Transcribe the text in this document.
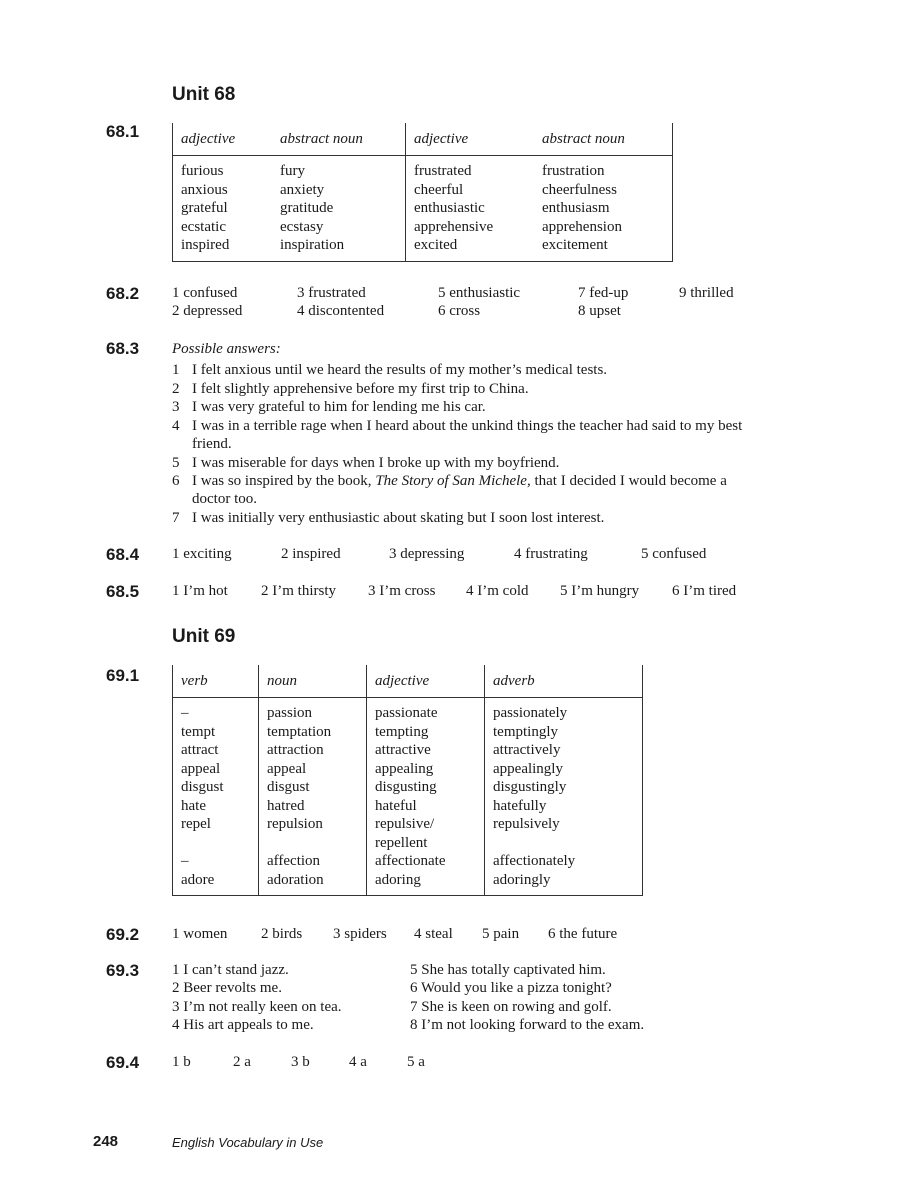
Unit 68
68.1	adjective	abstract noun	adjective	abstract noun
furious	fury	frustrated	frustration
anxious	anxiety	cheerful	cheerfulness
grateful	gratitude	enthusiastic	enthusiasm
ecstatic	ecstasy	apprehensive	apprehension
inspired	inspiration	excited	excitement
68.2 1 confused	3 frustrated	5 enthusiastic	7 fed-up	9 thrilled
2 depressed	4 discontented	6 cross	8 upset
68.3 Possible answers:
1 I felt anxious until we heard the results of my mother’s medical tests.
2 I felt slightly apprehensive before my first trip to China.
3 I was very grateful to him for lending me his car.
4 I was in a terrible rage when I heard about the unkind things the teacher had said to my best
friend.
5 I was miserable for days when I broke up with my boyfriend.
6 I was so inspired by the book, The Story of San Michele, that I decided I would become a
doctor too.
7 I was initially very enthusiastic about skating but I soon lost interest.
68.4 1 exciting	2 inspired	3 depressing	4 frustrating	5 confused
68.5 1 I’m hot 2 I’m thirsty 3 I’m cross 4 I’m cold 5 I’m hungry 6 I’m tired
Unit 69
69.1	verb	noun	adjective	adverb
–	passion	passionate	passionately
tempt	temptation	tempting	temptingly
attract	attraction	attractive	attractively
appeal	appeal	appealing	appealingly
disgust	disgust	disgusting	disgustingly
hate	hatred	hateful	hatefully
repel	repulsion	repulsive/	repulsively
		repellent	
–	affection	affectionate	affectionately
adore	adoration	adoring	adoringly
69.2 1 women 2 birds 3 spiders 4 steal 5 pain 6 the future
69.3 1 I can’t stand jazz.
2 Beer revolts me.
3 I’m not really keen on tea.
4 His art appeals to me.
5 She has totally captivated him.
6 Would you like a pizza tonight?
7 She is keen on rowing and golf.
8 I’m not looking forward to the exam.
69.4 1 b	2 a	3 b	4 a	5 a
248	English Vocabulary in Use
